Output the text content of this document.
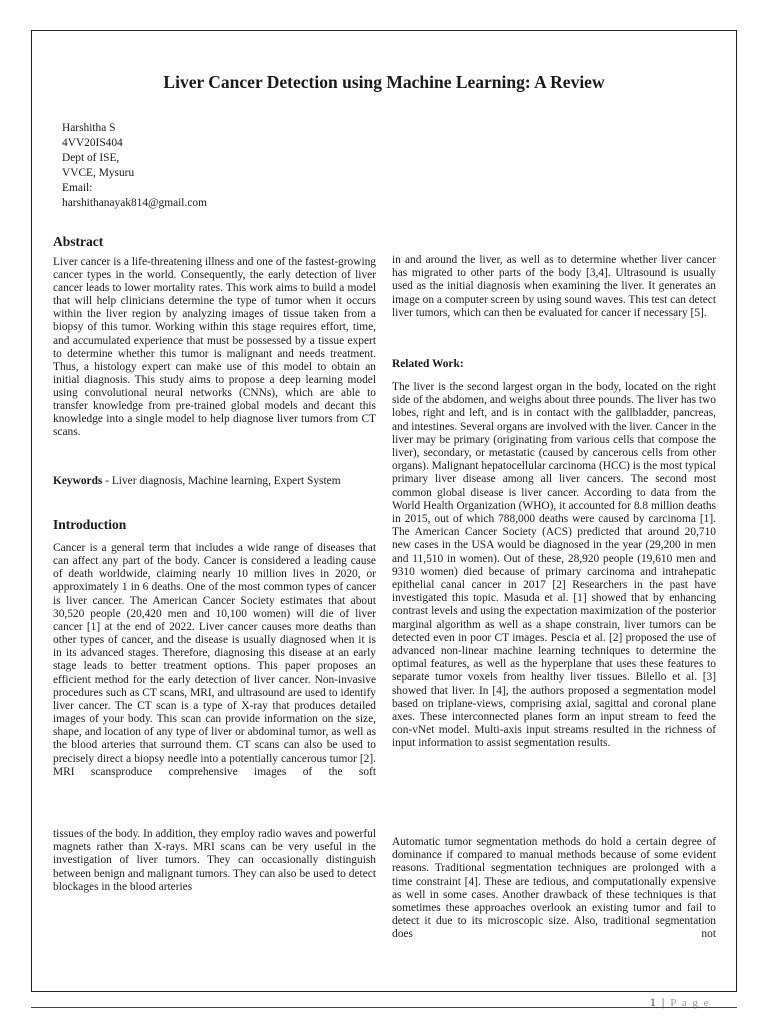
Liver Cancer Detection using Machine Learning: A Review
Harshitha S
4VV20IS404
Dept of ISE,
VVCE, Mysuru
Email:
harshithanayak814@gmail.com
Abstract

Liver cancer is a life-threatening illness and one of the fastest-growing cancer types in the world. Consequently, the early detection of liver cancer leads to lower mortality rates. This work aims to build a model that will help clinicians determine the type of tumor when it occurs within the liver region by analyzing images of tissue taken from a biopsy of this tumor. Working within this stage requires effort, time, and accumulated experience that must be possessed by a tissue expert to determine whether this tumor is malignant and needs treatment. Thus, a histology expert can make use of this model to obtain an initial diagnosis. This study aims to propose a deep learning model using convolutional neural networks (CNNs), which are able to transfer knowledge from pre-trained global models and decant this knowledge into a single model to help diagnose liver tumors from CT scans.

Keywords - Liver diagnosis, Machine learning, Expert System

Introduction

Cancer is a general term that includes a wide range of diseases that can affect any part of the body. Cancer is considered a leading cause of death worldwide, claiming nearly 10 million lives in 2020, or approximately 1 in 6 deaths. One of the most common types of cancer is liver cancer. The American Cancer Society estimates that about 30,520 people (20,420 men and 10,100 women) will die of liver cancer [1] at the end of 2022. Liver cancer causes more deaths than other types of cancer, and the disease is usually diagnosed when it is in its advanced stages. Therefore, diagnosing this disease at an early stage leads to better treatment options. This paper proposes an efficient method for the early detection of liver cancer. Non-invasive procedures such as CT scans, MRI, and ultrasound are used to identify liver cancer. The CT scan is a type of X-ray that produces detailed images of your body. This scan can provide information on the size, shape, and location of any type of liver or abdominal tumor, as well as the blood arteries that surround them. CT scans can also be used to precisely direct a biopsy needle into a potentially cancerous tumor [2]. MRI scansproduce comprehensive images of the soft

tissues of the body. In addition, they employ radio waves and powerful magnets rather than X-rays. MRI scans can be very useful in the investigation of liver tumors. They can occasionally distinguish between benign and malignant tumors. They can also be used to detect blockages in the blood arteries

in and around the liver, as well as to determine whether liver cancer has migrated to other parts of the body [3,4]. Ultrasound is usually used as the initial diagnosis when examining the liver. It generates an image on a computer screen by using sound waves. This test can detect liver tumors, which can then be evaluated for cancer if necessary [5].

Related Work:

The liver is the second largest organ in the body, located on the right side of the abdomen, and weighs about three pounds. The liver has two lobes, right and left, and is in contact with the gallbladder, pancreas, and intestines. Several organs are involved with the liver. Cancer in the liver may be primary (originating from various cells that compose the liver), secondary, or metastatic (caused by cancerous cells from other organs). Malignant hepatocellular carcinoma (HCC) is the most typical primary liver disease among all liver cancers. The second most common global disease is liver cancer. According to data from the World Health Organization (WHO), it accounted for 8.8 million deaths in 2015, out of which 788,000 deaths were caused by carcinoma [1]. The American Cancer Society (ACS) predicted that around 20,710 new cases in the USA would be diagnosed in the year (29,200 in men and 11,510 in women). Out of these, 28,920 people (19,610 men and 9310 women) died because of primary carcinoma and intrahepatic epithelial canal cancer in 2017 [2] Researchers in the past have investigated this topic. Masuda et al. [1] showed that by enhancing contrast levels and using the expectation maximization of the posterior marginal algorithm as well as a shape constrain, liver tumors can be detected even in poor CT images. Pescia et al. [2] proposed the use of advanced non-linear machine learning techniques to determine the optimal features, as well as the hyperplane that uses these features to separate tumor voxels from healthy liver tissues. Bilello et al. [3] showed that liver. In [4], the authors proposed a segmentation model based on triplane-views, comprising axial, sagittal and coronal plane axes. These interconnected planes form an input stream to feed the con-vNet model. Multi-axis input streams resulted in the richness of input information to assist segmentation results.

Automatic tumor segmentation methods do hold a certain degree of dominance if compared to manual methods because of some evident reasons. Traditional segmentation techniques are prolonged with a time constraint [4]. These are tedious, and computationally expensive as well in some cases. Another drawback of these techniques is that sometimes these approaches overlook an existing tumor and fail to detect it due to its microscopic size. Also, traditional segmentation does not

1 | P a g e
